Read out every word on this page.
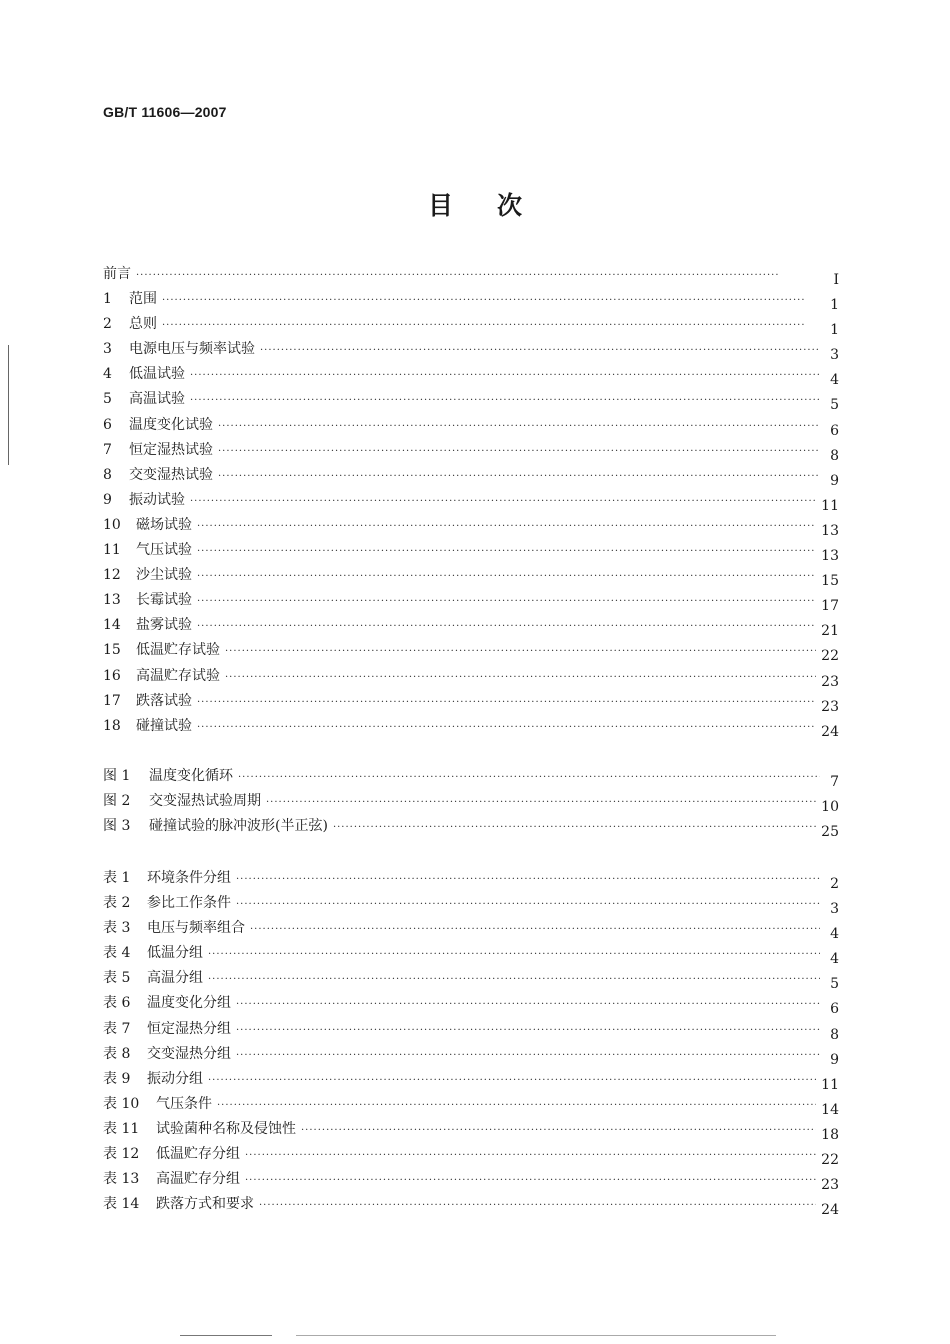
GB/T 11606—2007
目次
前言 ·····	Ⅰ
1	范围 ·····	1
2	总则 ·····	1
3	电源电压与频率试验 ·····	3
4	低温试验 ·····	4
5	高温试验 ·····	5
6	温度变化试验 ·····	6
7	恒定湿热试验 ·····	8
8	交变湿热试验 ·····	9
9	振动试验 ·····	11
10	磁场试验 ·····	13
11	气压试验 ·····	13
12	沙尘试验 ·····	15
13	长霉试验 ·····	17
14	盐雾试验 ·····	21
15	低温贮存试验 ·····	22
16	高温贮存试验 ·····	23
17	跌落试验 ·····	23
18	碰撞试验 ·····	24
图 1	温度变化循环 ·····	7
图 2	交变湿热试验周期 ·····	10
图 3	碰撞试验的脉冲波形(半正弦) ·····	25
表 1	环境条件分组 ·····	2
表 2	参比工作条件 ·····	3
表 3	电压与频率组合 ·····	4
表 4	低温分组 ·····	4
表 5	高温分组 ·····	5
表 6	温度变化分组 ·····	6
表 7	恒定湿热分组 ·····	8
表 8	交变湿热分组 ·····	9
表 9	振动分组 ·····	11
表 10	气压条件 ·····	14
表 11	试验菌种名称及侵蚀性 ·····	18
表 12	低温贮存分组 ·····	22
表 13	高温贮存分组 ·····	23
表 14	跌落方式和要求 ·····	24
